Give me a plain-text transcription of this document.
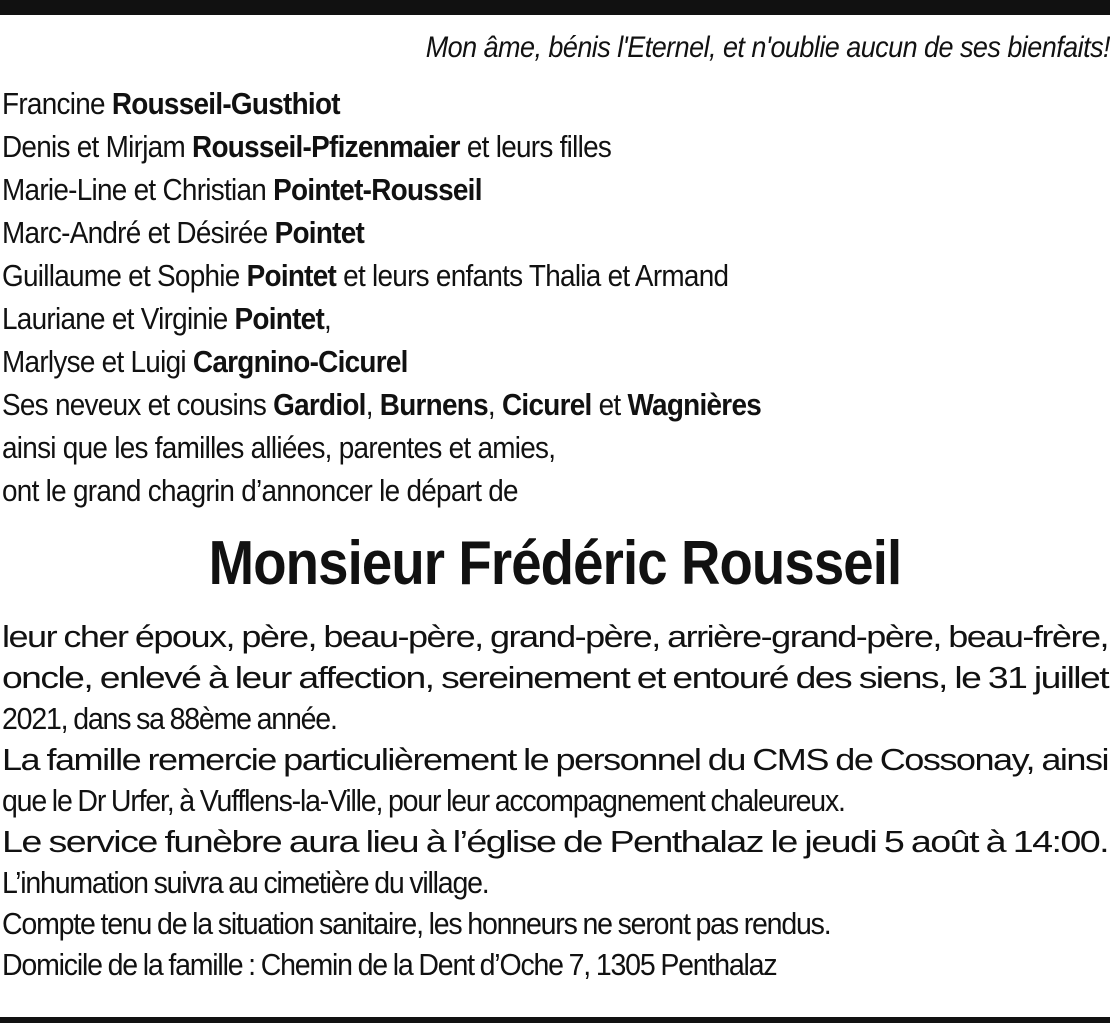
Mon âme, bénis l'Eternel, et n'oublie aucun de ses bienfaits!
Francine Rousseil-Gusthiot
Denis et Mirjam Rousseil-Pfizenmaier et leurs filles
Marie-Line et Christian Pointet-Rousseil
Marc-André et Désirée Pointet
Guillaume et Sophie Pointet et leurs enfants Thalia et Armand
Lauriane et Virginie Pointet,
Marlyse et Luigi Cargnino-Cicurel
Ses neveux et cousins Gardiol, Burnens, Cicurel et Wagnières
ainsi que les familles alliées, parentes et amies,
ont le grand chagrin d’annoncer le départ de
Monsieur Frédéric Rousseil
leur cher époux, père, beau-père, grand-père, arrière-grand-père, beau-frère,
oncle, enlevé à leur affection, sereinement et entouré des siens, le 31 juillet
2021, dans sa 88ème année.
La famille remercie particulièrement le personnel du CMS de Cossonay, ainsi
que le Dr Urfer, à Vufflens-la-Ville, pour leur accompagnement chaleureux.
Le service funèbre aura lieu à l’église de Penthalaz le jeudi 5 août à 14:00.
L’inhumation suivra au cimetière du village.
Compte tenu de la situation sanitaire, les honneurs ne seront pas rendus.
Domicile de la famille : Chemin de la Dent d’Oche 7, 1305 Penthalaz
